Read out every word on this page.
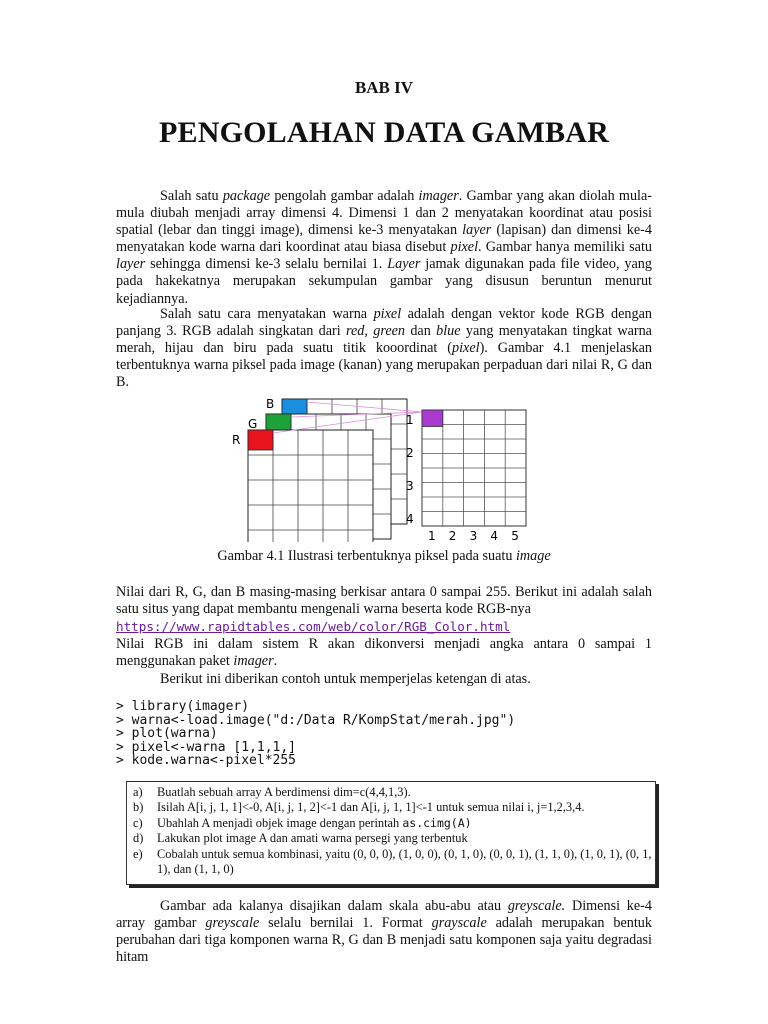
BAB IV
PENGOLAHAN DATA GAMBAR

Salah satu package pengolah gambar adalah imager. Gambar yang akan diolah mula-mula diubah menjadi array dimensi 4. Dimensi 1 dan 2 menyatakan koordinat atau posisi spatial (lebar dan tinggi image), dimensi ke-3 menyatakan layer (lapisan) dan dimensi ke-4 menyatakan kode warna dari koordinat atau biasa disebut pixel. Gambar hanya memiliki satu layer sehingga dimensi ke-3 selalu bernilai 1. Layer jamak digunakan pada file video, yang pada hakekatnya merupakan sekumpulan gambar yang disusun beruntun menurut kejadiannya.

Salah satu cara menyatakan warna pixel adalah dengan vektor kode RGB dengan panjang 3. RGB adalah singkatan dari red, green dan blue yang menyatakan tingkat warna merah, hijau dan biru pada suatu titik kooordinat (pixel). Gambar 4.1 menjelaskan terbentuknya warna piksel pada image (kanan) yang merupakan perpaduan dari nilai R, G dan B.

B
G
R
1
2
3
4
1 2 3 4 5
Gambar 4.1 Ilustrasi terbentuknya piksel pada suatu image

Nilai dari R, G, dan B masing-masing berkisar antara 0 sampai 255. Berikut ini adalah salah satu situs yang dapat membantu mengenali warna beserta kode RGB-nya
https://www.rapidtables.com/web/color/RGB_Color.html
Nilai RGB ini dalam sistem R akan dikonversi menjadi angka antara 0 sampai 1 menggunakan paket imager.

Berikut ini diberikan contoh untuk memperjelas ketengan di atas.

> library(imager)
> warna<-load.image("d:/Data R/KompStat/merah.jpg")
> plot(warna)
> pixel<-warna [1,1,1,]
> kode.warna<-pixel*255
a)	Buatlah sebuah array A berdimensi dim=c(4,4,1,3).
b)	Isilah A[i, j, 1, 1]<-0, A[i, j, 1, 2]<-1 dan A[i, j, 1, 1]<-1 untuk semua nilai i, j=1,2,3,4.
c)	Ubahlah A menjadi objek image dengan perintah as.cimg(A)
d)	Lakukan plot image A dan amati warna persegi yang terbentuk
e)	Cobalah untuk semua kombinasi, yaitu (0, 0, 0), (1, 0, 0), (0, 1, 0), (0, 0, 1), (1, 1, 0), (1, 0, 1), (0, 1, 1), dan (1, 1, 0)

Gambar ada kalanya disajikan dalam skala abu-abu atau greyscale. Dimensi ke-4 array gambar greyscale selalu bernilai 1. Format grayscale adalah merupakan bentuk perubahan dari tiga komponen warna R, G dan B menjadi satu komponen saja yaitu degradasi hitam
